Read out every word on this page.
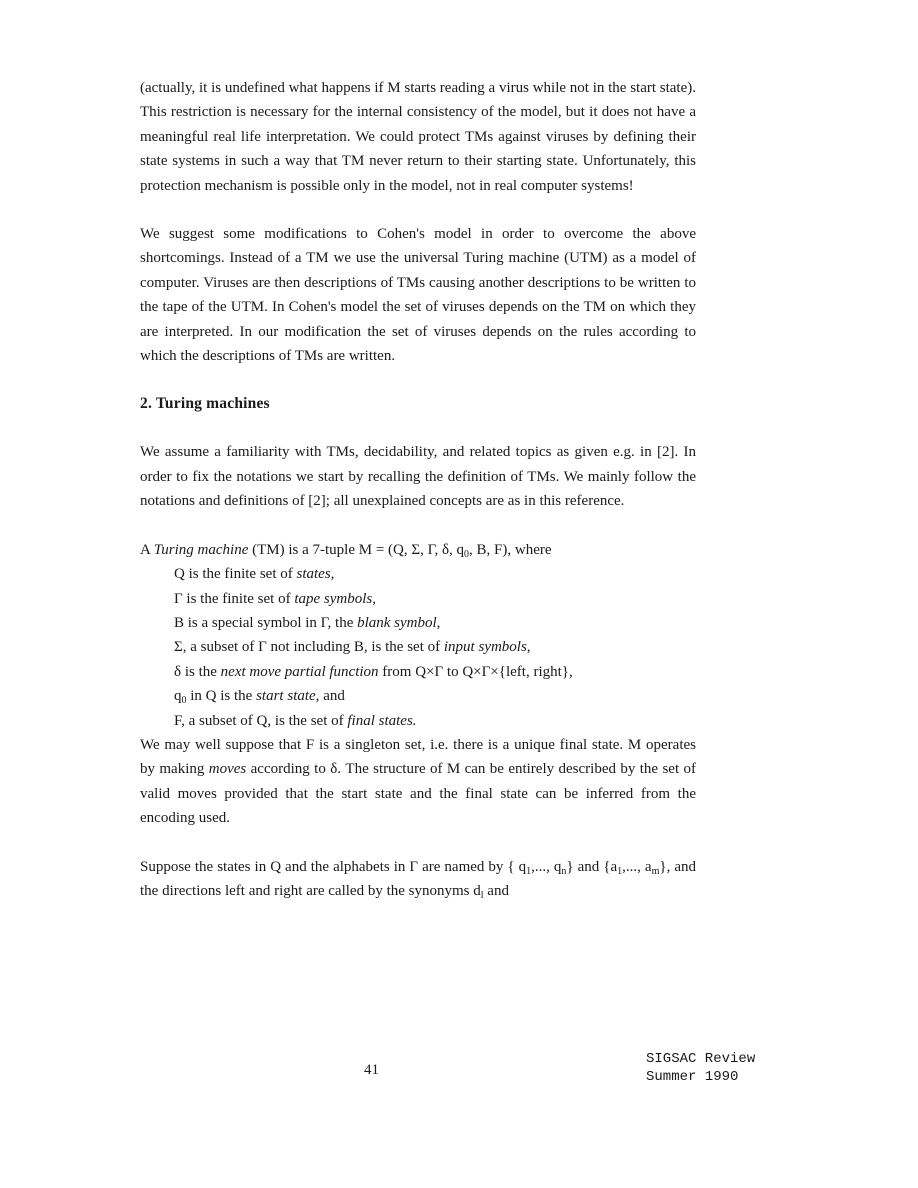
(actually, it is undefined what happens if M starts reading a virus while not in the start state). This restriction is necessary for the internal consistency of the model, but it does not have a meaningful real life interpretation. We could protect TMs against viruses by defining their state systems in such a way that TM never return to their starting state. Unfortunately, this protection mechanism is possible only in the model, not in real computer systems!

We suggest some modifications to Cohen's model in order to overcome the above shortcomings. Instead of a TM we use the universal Turing machine (UTM) as a model of computer. Viruses are then descriptions of TMs causing another descriptions to be written to the tape of the UTM. In Cohen's model the set of viruses depends on the TM on which they are interpreted. In our modification the set of viruses depends on the rules according to which the descriptions of TMs are written.

2. Turing machines

We assume a familiarity with TMs, decidability, and related topics as given e.g. in [2]. In order to fix the notations we start by recalling the definition of TMs. We mainly follow the notations and definitions of [2]; all unexplained concepts are as in this reference.

A Turing machine (TM) is a 7-tuple M = (Q, Σ, Γ, δ, $q_0$, B, F), where
Q is the finite set of states,
Γ is the finite set of tape symbols,
B is a special symbol in Γ, the blank symbol,
Σ, a subset of Γ not including B, is the set of input symbols,
δ is the next move partial function from Q×Γ to Q×Γ×{left, right},
$q_0$ in Q is the start state, and
F, a subset of Q, is the set of final states.

We may well suppose that F is a singleton set, i.e. there is a unique final state. M operates by making moves according to δ. The structure of M can be entirely described by the set of valid moves provided that the start state and the final state can be inferred from the encoding used.

Suppose the states in Q and the alphabets in Γ are named by { $q_1$,..., $q_n$} and {$a_1$,..., $a_m$}, and the directions left and right are called by the synonyms $d_l$ and

41
SIGSAC Review
Summer 1990
